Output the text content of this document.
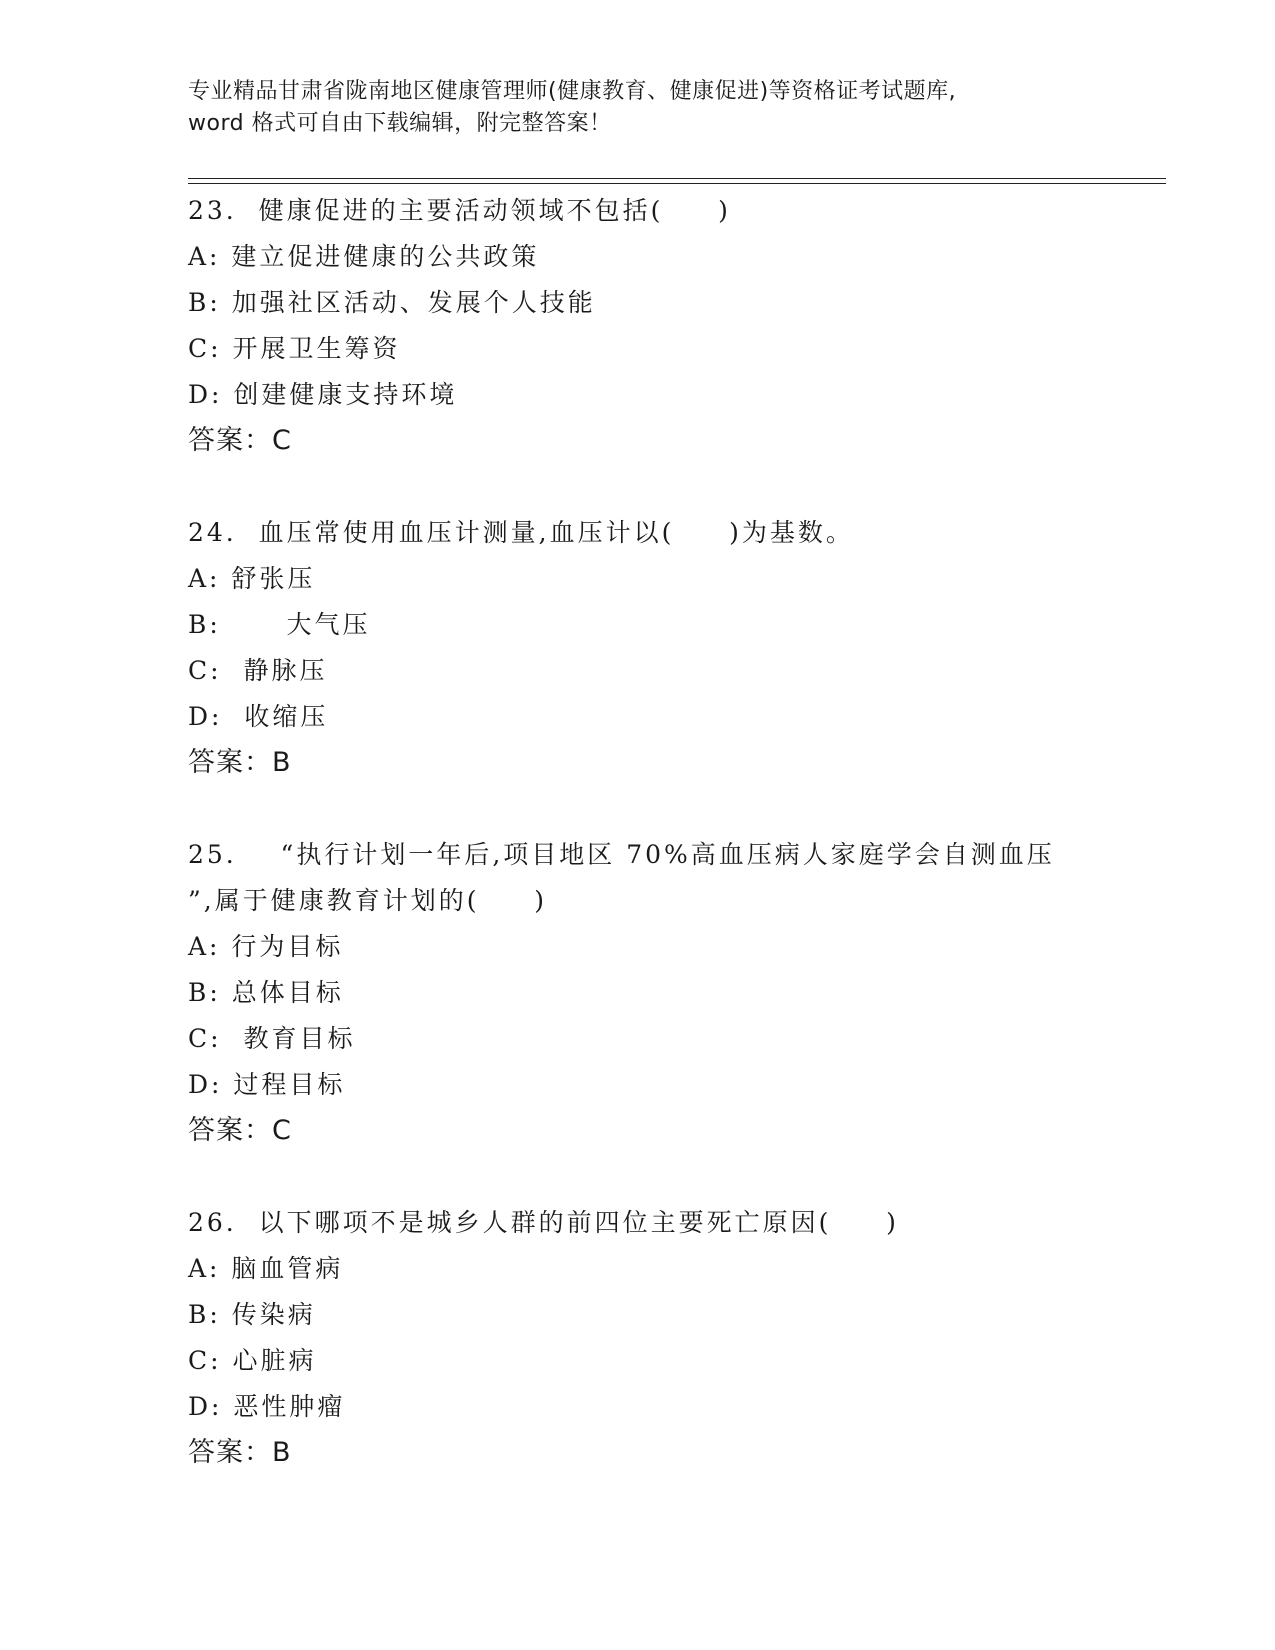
专业精品甘肃省陇南地区健康管理师(健康教育、健康促进)等资格证考试题库,
word 格式可自由下载编辑，附完整答案！
23.  健康促进的主要活动领域不包括(     )
A: 建立促进健康的公共政策
B: 加强社区活动、发展个人技能
C: 开展卫生筹资
D: 创建健康支持环境
答案：C
24.  血压常使用血压计测量,血压计以(     )为基数。
A: 舒张压
B:      大气压
C:  静脉压
D:  收缩压
答案：B
25.    “执行计划一年后,项目地区 70%高血压病人家庭学会自测血压
”,属于健康教育计划的(     )
A: 行为目标
B: 总体目标
C:  教育目标
D: 过程目标
答案：C
26.  以下哪项不是城乡人群的前四位主要死亡原因(     )
A: 脑血管病
B: 传染病
C: 心脏病
D: 恶性肿瘤
答案：B
